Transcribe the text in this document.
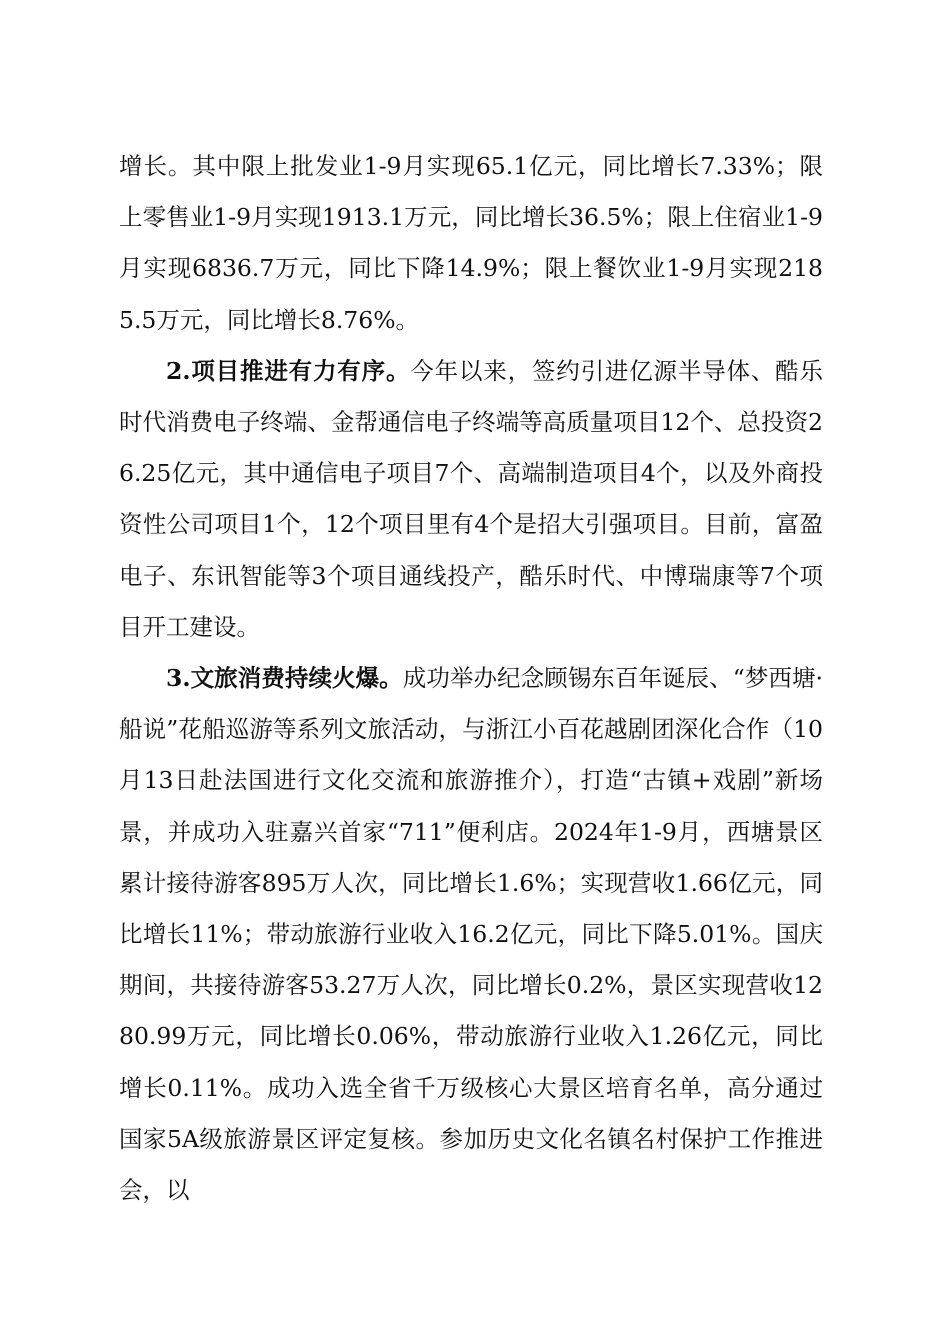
增长。其中限上批发业1-9月实现65.1亿元，同比增长7.33%；限上零售业1-9月实现1913.1万元，同比增长36.5%；限上住宿业1-9月实现6836.7万元，同比下降14.9%；限上餐饮业1-9月实现2185.5万元，同比增长8.76%。

2.项目推进有力有序。今年以来，签约引进亿源半导体、酷乐时代消费电子终端、金帮通信电子终端等高质量项目12个、总投资26.25亿元，其中通信电子项目7个、高端制造项目4个，以及外商投资性公司项目1个，12个项目里有4个是招大引强项目。目前，富盈电子、东讯智能等3个项目通线投产，酷乐时代、中博瑞康等7个项目开工建设。

3.文旅消费持续火爆。成功举办纪念顾锡东百年诞辰、“梦西塘·船说”花船巡游等系列文旅活动，与浙江小百花越剧团深化合作（10月13日赴法国进行文化交流和旅游推介），打造“古镇+戏剧”新场景，并成功入驻嘉兴首家“711”便利店。2024年1-9月，西塘景区累计接待游客895万人次，同比增长1.6%；实现营收1.66亿元，同比增长11%；带动旅游行业收入16.2亿元，同比下降5.01%。国庆期间，共接待游客53.27万人次，同比增长0.2%，景区实现营收1280.99万元，同比增长0.06%，带动旅游行业收入1.26亿元，同比增长0.11%。成功入选全省千万级核心大景区培育名单，高分通过国家5A级旅游景区评定复核。参加历史文化名镇名村保护工作推进会，以
